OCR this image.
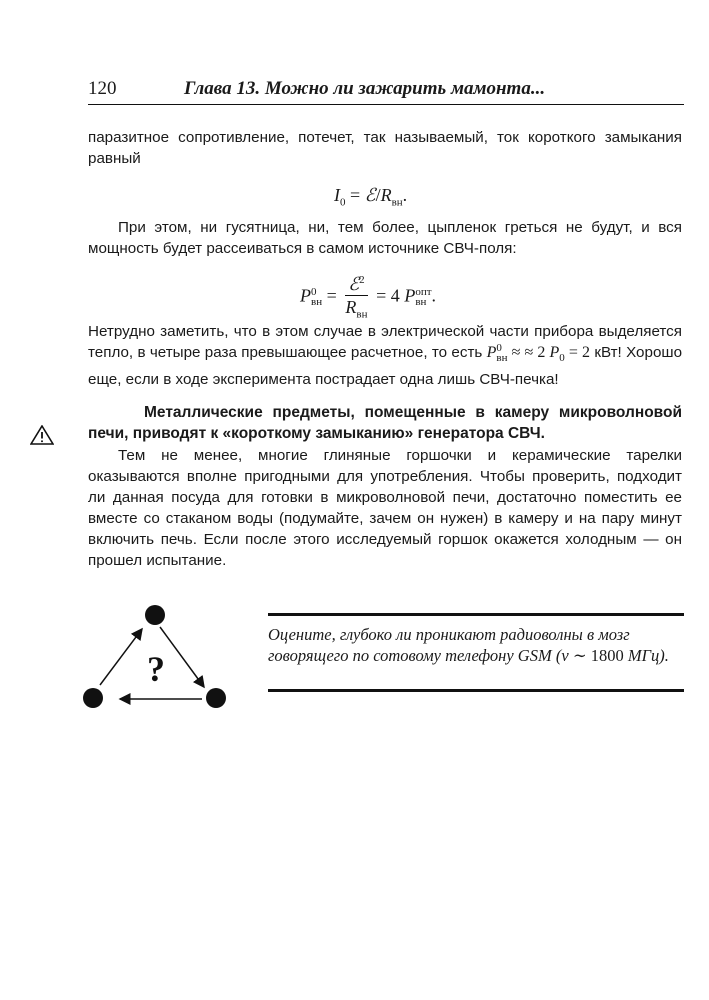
120	Глава 13. Можно ли зажарить мамонта...
паразитное сопротивление, потечет, так называемый, ток короткого замыкания равный
$I_0$ = $ℰ/R_{вн}$.
При этом, ни гусятница, ни, тем более, цыпленок греться не будут, и вся мощность будет рассеиваться в самом источнике СВЧ-поля:
P 0
вн = $\frac{ℰ^2}{R_{вн}} = 4$ P опт
вн .
Нетрудно заметить, что в этом случае в электрической части прибора выделяется тепло, в четыре раза превышающее расчетное, то есть P 0
вн ≈ ≈ 2 $P_0 = 2$ кВт! Хорошо еще, если в ходе эксперимента пострадает одна лишь СВЧ-печка!
Металлические предметы, помещенные в камеру микроволновой печи, приводят к «короткому замыканию» генератора СВЧ.
Тем не менее, многие глиняные горшочки и керамические тарелки оказываются вполне пригодными для употребления. Чтобы проверить, подходит ли данная посуда для готовки в микроволновой печи, достаточно поместить ее вместе со стаканом воды (подумайте, зачем он нужен) в камеру и на пару минут включить печь. Если после этого исследуемый горшок окажется холодным — он прошел испытание.
?
Оцените, глубоко ли проникают радиоволны в мозг говорящего по сотовому телефону GSM (ν ∼ 1800 МГц).
